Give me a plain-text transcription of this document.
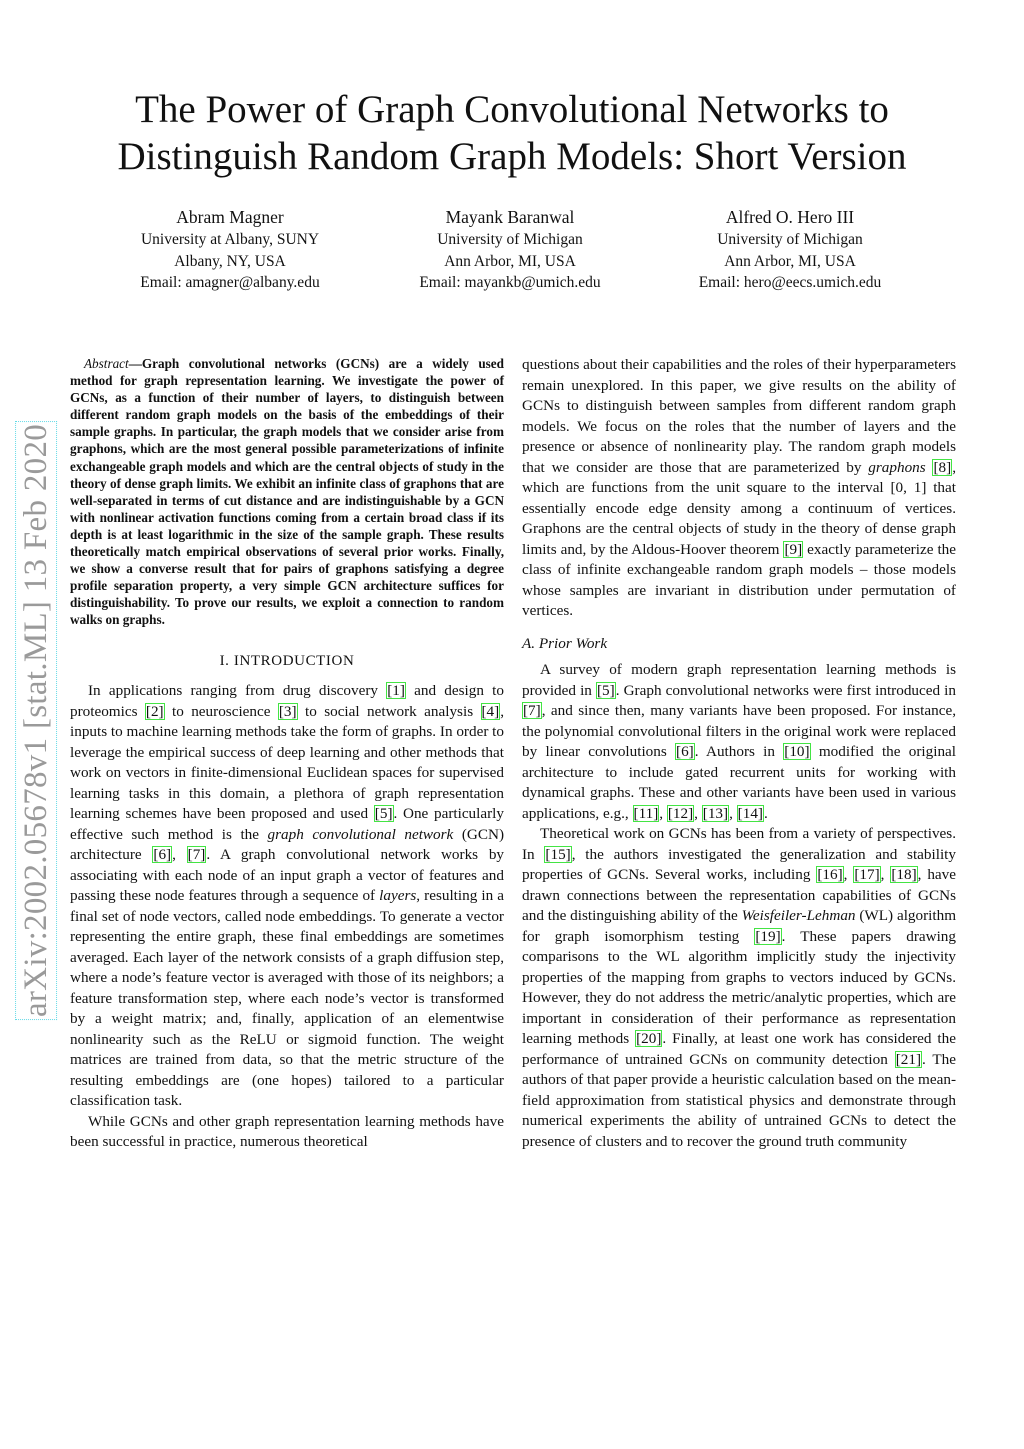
The Power of Graph Convolutional Networks to
Distinguish Random Graph Models: Short Version
Abram Magner
University at Albany, SUNY
Albany, NY, USA
Email: amagner@albany.edu
Mayank Baranwal
University of Michigan
Ann Arbor, MI, USA
Email: mayankb@umich.edu
Alfred O. Hero III
University of Michigan
Ann Arbor, MI, USA
Email: hero@eecs.umich.edu
arXiv:2002.05678v1 [stat.ML] 13 Feb 2020

Abstract—Graph convolutional networks (GCNs) are a widely used method for graph representation learning. We investigate the power of GCNs, as a function of their number of layers, to distinguish between different random graph models on the basis of the embeddings of their sample graphs. In particular, the graph models that we consider arise from graphons, which are the most general possible parameterizations of infinite exchangeable graph models and which are the central objects of study in the theory of dense graph limits. We exhibit an infinite class of graphons that are well-separated in terms of cut distance and are indistinguishable by a GCN with nonlinear activation functions coming from a certain broad class if its depth is at least logarithmic in the size of the sample graph. These results theoretically match empirical observations of several prior works. Finally, we show a converse result that for pairs of graphons satisfying a degree profile separation property, a very simple GCN architecture suffices for distinguishability. To prove our results, we exploit a connection to random walks on graphs.

I. INTRODUCTION

In applications ranging from drug discovery [1] and design to proteomics [2] to neuroscience [3] to social network analysis [4], inputs to machine learning methods take the form of graphs. In order to leverage the empirical success of deep learning and other methods that work on vectors in finite-dimensional Euclidean spaces for supervised learning tasks in this domain, a plethora of graph representation learning schemes have been proposed and used [5]. One particularly effective such method is the graph convolutional network (GCN) architecture [6], [7]. A graph convolutional network works by associating with each node of an input graph a vector of features and passing these node features through a sequence of layers, resulting in a final set of node vectors, called node embeddings. To generate a vector representing the entire graph, these final embeddings are sometimes averaged. Each layer of the network consists of a graph diffusion step, where a node’s feature vector is averaged with those of its neighbors; a feature transformation step, where each node’s vector is transformed by a weight matrix; and, finally, application of an elementwise nonlinearity such as the ReLU or sigmoid function. The weight matrices are trained from data, so that the metric structure of the resulting embeddings are (one hopes) tailored to a particular classification task.

While GCNs and other graph representation learning methods have been successful in practice, numerous theoretical

questions about their capabilities and the roles of their hyperparameters remain unexplored. In this paper, we give results on the ability of GCNs to distinguish between samples from different random graph models. We focus on the roles that the number of layers and the presence or absence of nonlinearity play. The random graph models that we consider are those that are parameterized by graphons [8], which are functions from the unit square to the interval [0, 1] that essentially encode edge density among a continuum of vertices. Graphons are the central objects of study in the theory of dense graph limits and, by the Aldous-Hoover theorem [9] exactly parameterize the class of infinite exchangeable random graph models – those models whose samples are invariant in distribution under permutation of vertices.

A. Prior Work

A survey of modern graph representation learning methods is provided in [5]. Graph convolutional networks were first introduced in [7], and since then, many variants have been proposed. For instance, the polynomial convolutional filters in the original work were replaced by linear convolutions [6]. Authors in [10] modified the original architecture to include gated recurrent units for working with dynamical graphs. These and other variants have been used in various applications, e.g., [11], [12], [13], [14].

Theoretical work on GCNs has been from a variety of perspectives. In [15], the authors investigated the generalization and stability properties of GCNs. Several works, including [16], [17], [18], have drawn connections between the representation capabilities of GCNs and the distinguishing ability of the Weisfeiler-Lehman (WL) algorithm for graph isomorphism testing [19]. These papers drawing comparisons to the WL algorithm implicitly study the injectivity properties of the mapping from graphs to vectors induced by GCNs. However, they do not address the metric/analytic properties, which are important in consideration of their performance as representation learning methods [20]. Finally, at least one work has considered the performance of untrained GCNs on community detection [21]. The authors of that paper provide a heuristic calculation based on the mean-field approximation from statistical physics and demonstrate through numerical experiments the ability of untrained GCNs to detect the presence of clusters and to recover the ground truth community
